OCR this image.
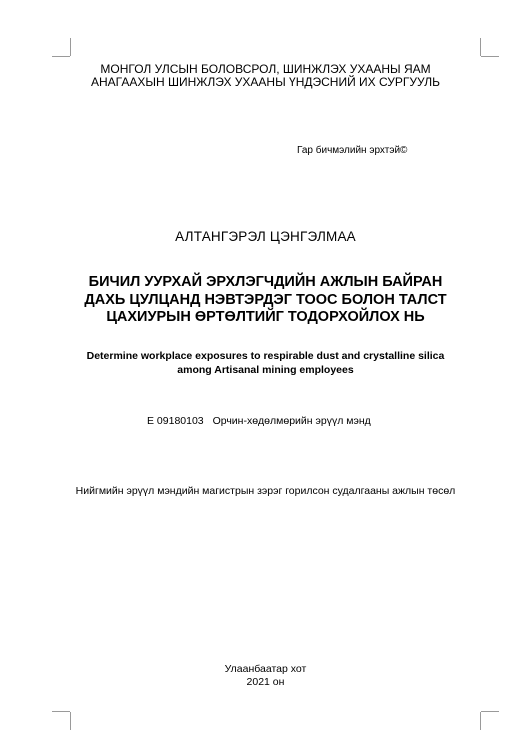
МОНГОЛ УЛСЫН БОЛОВСРОЛ, ШИНЖЛЭХ УХААНЫ ЯАМ
АНАГААХЫН ШИНЖЛЭХ УХААНЫ ҮНДЭСНИЙ ИХ СУРГУУЛЬ
Гар бичмэлийн эрхтэй©
АЛТАНГЭРЭЛ ЦЭНГЭЛМАА
БИЧИЛ УУРХАЙ ЭРХЛЭГЧДИЙН АЖЛЫН БАЙРАН
ДАХЬ ЦУЛЦАНД НЭВТЭРДЭГ ТООС БОЛОН ТАЛСТ
ЦАХИУРЫН ӨРТӨЛТИЙГ ТОДОРХОЙЛОХ НЬ
Determine workplace exposures to respirable dust and crystalline silica
among Artisanal mining employees
Е 09180103 Орчин-хөдөлмөрийн эрүүл мэнд
Нийгмийн эрүүл мэндийн магистрын зэрэг горилсон судалгааны ажлын төсөл
Улаанбаатар хот
2021 он
